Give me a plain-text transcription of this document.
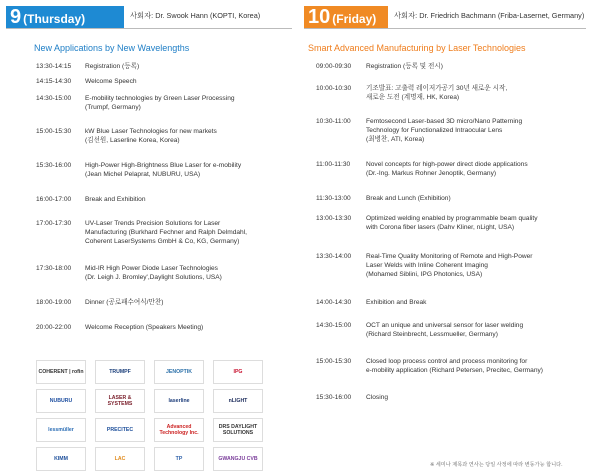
9 (Thursday)	사회자: Dr. Swook Hann (KOPTI, Korea)
New Applications by New Wavelengths
13:30-14:15	Registration (등록)
14:15-14:30	Welcome Speech
14:30-15:00	E-mobility technologies by Green Laser Processing
(Trumpf, Germany)
15:00-15:30	kW Blue Laser Technologies for new markets
(김선원, Laserline Korea, Korea)
15:30-16:00	High-Power High-Brightness Blue Laser for e-mobility
(Jean Michel Pelaprat, NUBURU, USA)
16:00-17:00	Break and Exhibition
17:00-17:30	UV-Laser Trends Precision Solutions for Laser
Manufacturing (Burkhard Fechner and Ralph Delmdahl,
Coherent LaserSystems GmbH & Co, KG, Germany)
17:30-18:00	Mid-IR High Power Diode Laser Technologies
(Dr. Leigh J. Bromley',Daylight Solutions, USA)
18:00-19:00	Dinner (공로패수여식/만찬)
20:00-22:00	Welcome Reception (Speakers Meeting)
COHERENT | rofin	TRUMPF	JENOPTIK	IPG
NUBURU	LASER & SYSTEMS	laserline	nLIGHT
lessmüller	PRECITEC	Advanced Technology Inc.
DRS DAYLIGHT SOLUTIONS
KIMM	LAC	TP	GWANGJU CVB
10 (Friday) 사회자: Dr. Friedrich Bachmann (Friba-Lasernet, Germany)
Smart Advanced Manufacturing by Laser Technologies
09:00-09:30	Registration (등록 및 전시)
10:00-10:30	기조발표: 고출력 레이저가공기 30년 새로운 시작,
새로운 도전 (계명재, HK, Korea)
10:30-11:00	Femtosecond Laser-based 3D micro/Nano Patterning
Technology for Functionalized Intraocular Lens
(최병찬, ATI, Korea)
11:00-11:30	Novel concepts for high-power direct diode applications
(Dr.-Ing. Markus Rohner Jenoptik, Germany)
11:30-13:00	Break and Lunch (Exhibition)
13:00-13:30	Optimized welding enabled by programmable beam quality
with Corona fiber lasers (Dahv Kliner, nLight, USA)
13:30-14:00	Real-Time Quality Monitoring of Remote and High-Power
Laser Welds with Inline Coherent Imaging
(Mohamed Siblini, IPG Photonics, USA)
14:00-14:30	Exhibition and Break
14:30-15:00	OCT an unique and universal sensor for laser welding
(Richard Steinbrecht, Lessmueller, Germany)
15:00-15:30	Closed loop process control and process monitoring for
e-mobility application (Richard Petersen, Precitec, Germany)
15:30-16:00	Closing
※ 세미나 제목과 연사는 당일 사정에 따라 변동가능 합니다.
